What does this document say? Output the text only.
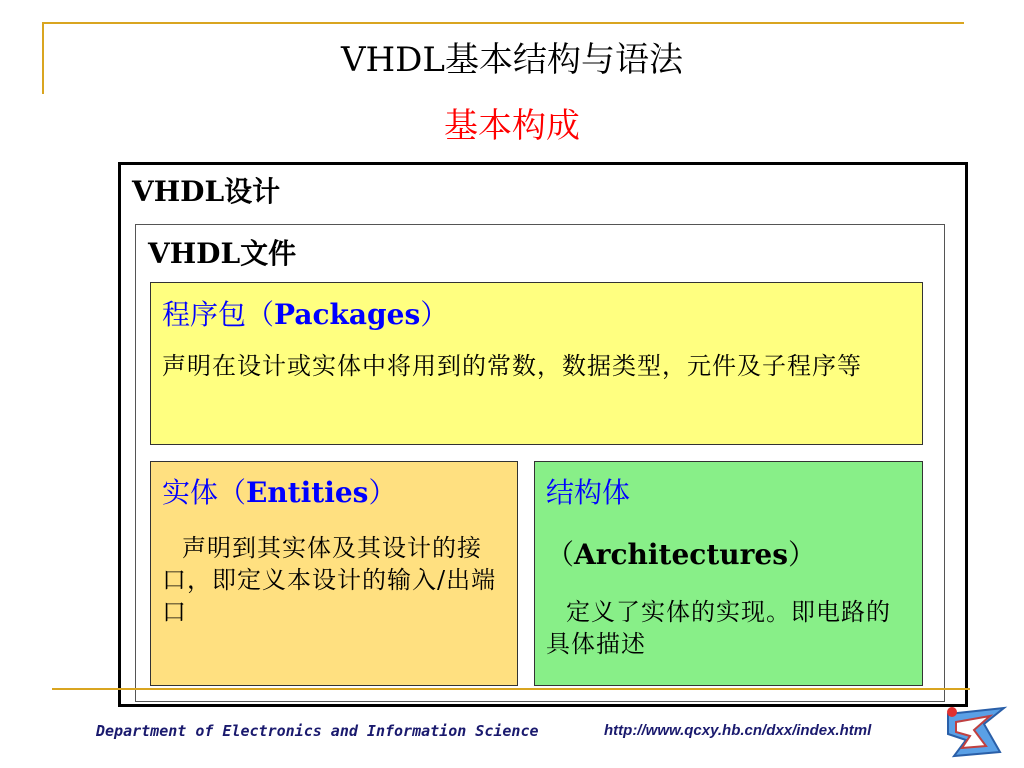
VHDL基本结构与语法
基本构成
VHDL设计
VHDL文件
程序包（Packages）
声明在设计或实体中将用到的常数，数据类型，元件及子程序等
实体（Entities）
声明到其实体及其设计的接口，即定义本设计的输入/出端口
结构体
（Architectures）
定义了实体的实现。即电路的具体描述
Department of Electronics and Information Science	http://www.qcxy.hb.cn/dxx/index.html
